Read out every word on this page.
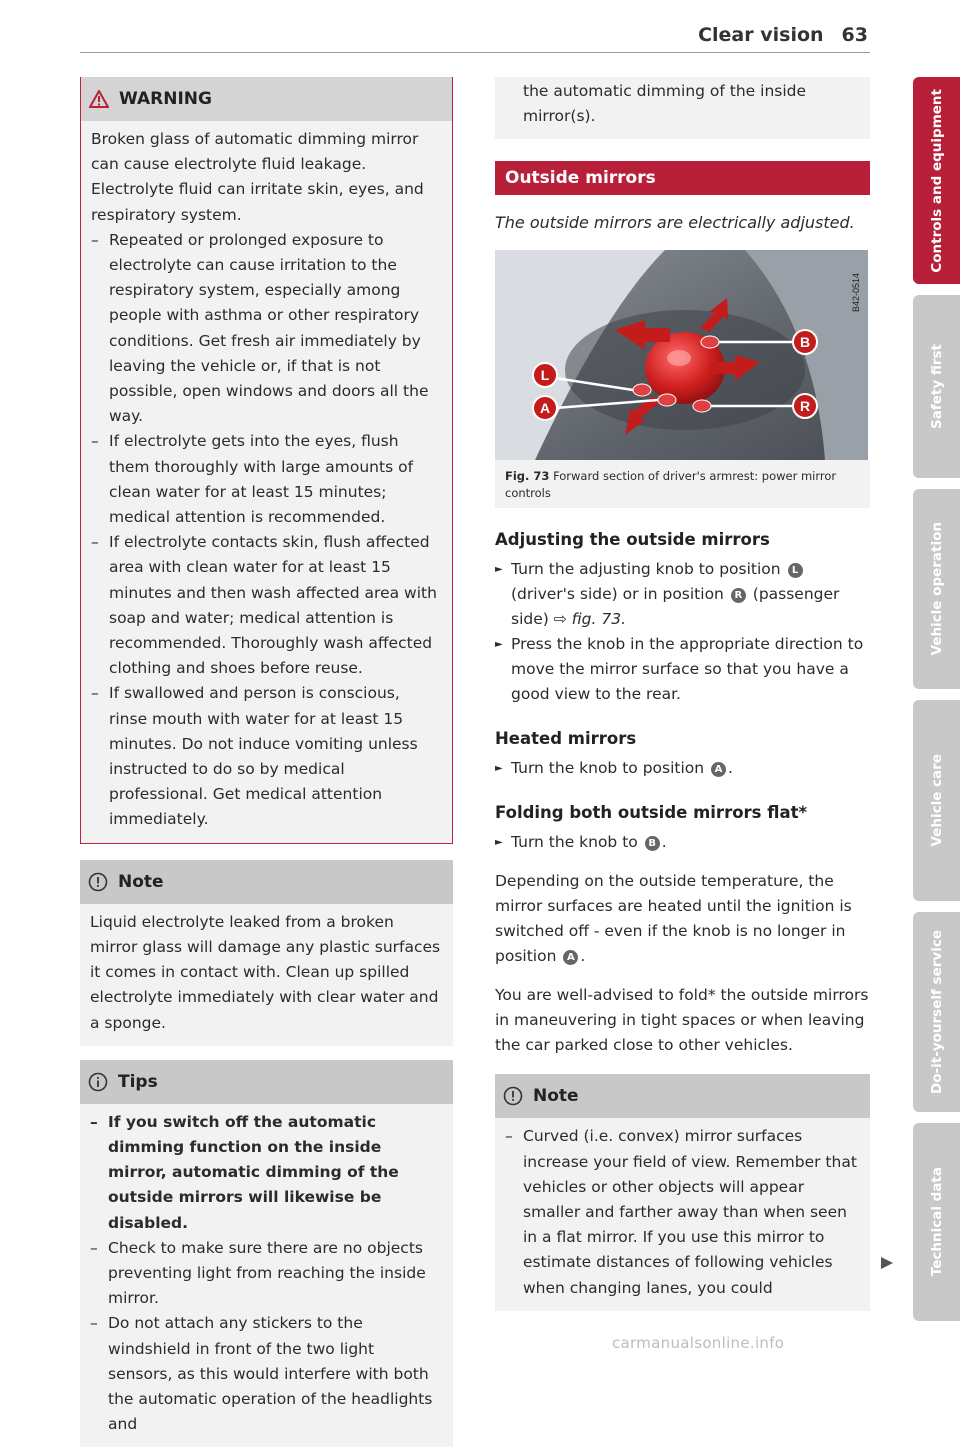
Clear vision 63
WARNING

Broken glass of automatic dimming mirror can cause electrolyte fluid leakage. Electrolyte fluid can irritate skin, eyes, and respiratory system.

– Repeated or prolonged exposure to electrolyte can cause irritation to the respiratory system, especially among people with asthma or other respiratory conditions. Get fresh air immediately by leaving the vehicle or, if that is not possible, open windows and doors all the way.
– If electrolyte gets into the eyes, flush them thoroughly with large amounts of clean water for at least 15 minutes; medical attention is recommended.
– If electrolyte contacts skin, flush affected area with clean water for at least 15 minutes and then wash affected area with soap and water; medical attention is recommended. Thoroughly wash affected clothing and shoes before reuse.
– If swallowed and person is conscious, rinse mouth with water for at least 15 minutes. Do not induce vomiting unless instructed to do so by medical professional. Get medical attention immediately.
Note

Liquid electrolyte leaked from a broken mirror glass will damage any plastic surfaces it comes in contact with. Clean up spilled electrolyte immediately with clear water and a sponge.

Tips
– If you switch off the automatic dimming function on the inside mirror, automatic dimming of the outside mirrors will likewise be disabled.
– Check to make sure there are no objects preventing light from reaching the inside mirror.
– Do not attach any stickers to the windshield in front of the two light sensors, as this would interfere with both the automatic operation of the headlights and
the automatic dimming of the inside mirror(s).
Outside mirrors

The outside mirrors are electrically adjusted.

B
L
A	R
B42-0514
Fig. 73 Forward section of driver's armrest: power mirror controls
Adjusting the outside mirrors
► Turn the adjusting knob to position L (driver's side) or in position R (passenger side) ⇨ fig. 73.
► Press the knob in the appropriate direction to move the mirror surface so that you have a good view to the rear.
Heated mirrors
► Turn the knob to position A .
Folding both outside mirrors flat*
► Turn the knob to B .

Depending on the outside temperature, the mirror surfaces are heated until the ignition is switched off - even if the knob is no longer in position A .

You are well-advised to fold* the outside mirrors in maneuvering in tight spaces or when leaving the car parked close to other vehicles.

Note
– Curved (i.e. convex) mirror surfaces increase your field of view. Remember that vehicles or other objects will appear smaller and farther away than when seen in a flat mirror. If you use this mirror to estimate distances of following vehicles when changing lanes, you could
Controls and equipment
Safety first
Vehicle operation
Vehicle care
Do-it-yourself service
Technical data
carmanualsonline.info
